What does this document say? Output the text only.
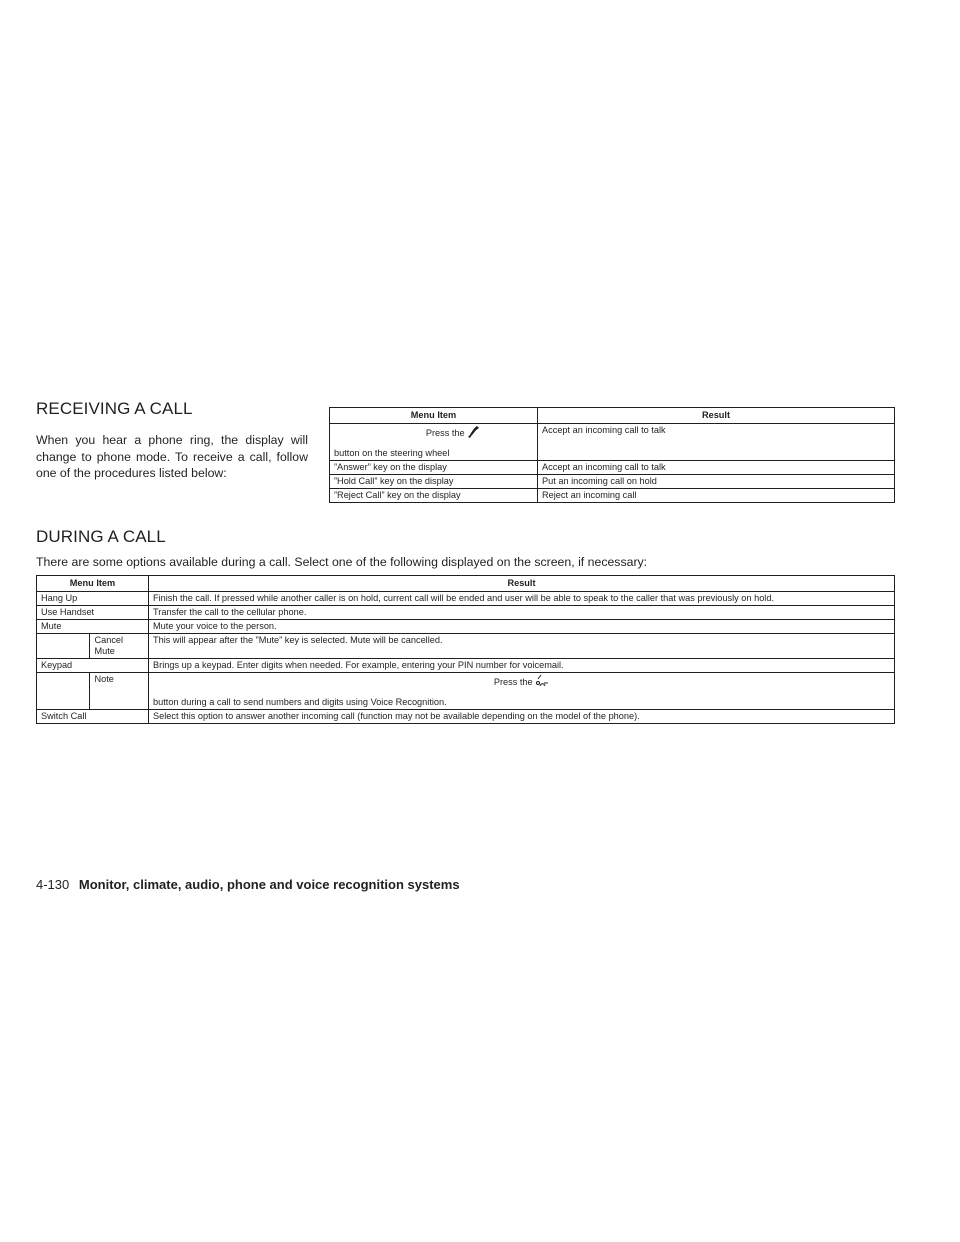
RECEIVING A CALL

When you hear a phone ring, the display will change to phone mode. To receive a call, follow one of the procedures listed below:

Menu Item	Result

Press the
button on the steering wheel	Accept an incoming call to talk
”Answer” key on the display	Accept an incoming call to talk
”Hold Call” key on the display	Put an incoming call on hold
”Reject Call” key on the display	Reject an incoming call
DURING A CALL

There are some options available during a call. Select one of the following displayed on the screen, if necessary:

Menu Item		Result
Hang Up		Finish the call. If pressed while another caller is on hold, current call will be ended and user will be able to speak to the caller that was previously on hold.
Use Handset		Transfer the call to the cellular phone.
Mute		Mute your voice to the person.
	Cancel Mute	This will appear after the ”Mute” key is selected. Mute will be cancelled.
Keypad		Brings up a keypad. Enter digits when needed. For example, entering your PIN number for voicemail.
	Note	Press the
button during a call to send numbers and digits using Voice Recognition.

Switch Call		Select this option to answer another incoming call (function may not be available depending on the model of the phone).

4-130 Monitor, climate, audio, phone and voice recognition systems
